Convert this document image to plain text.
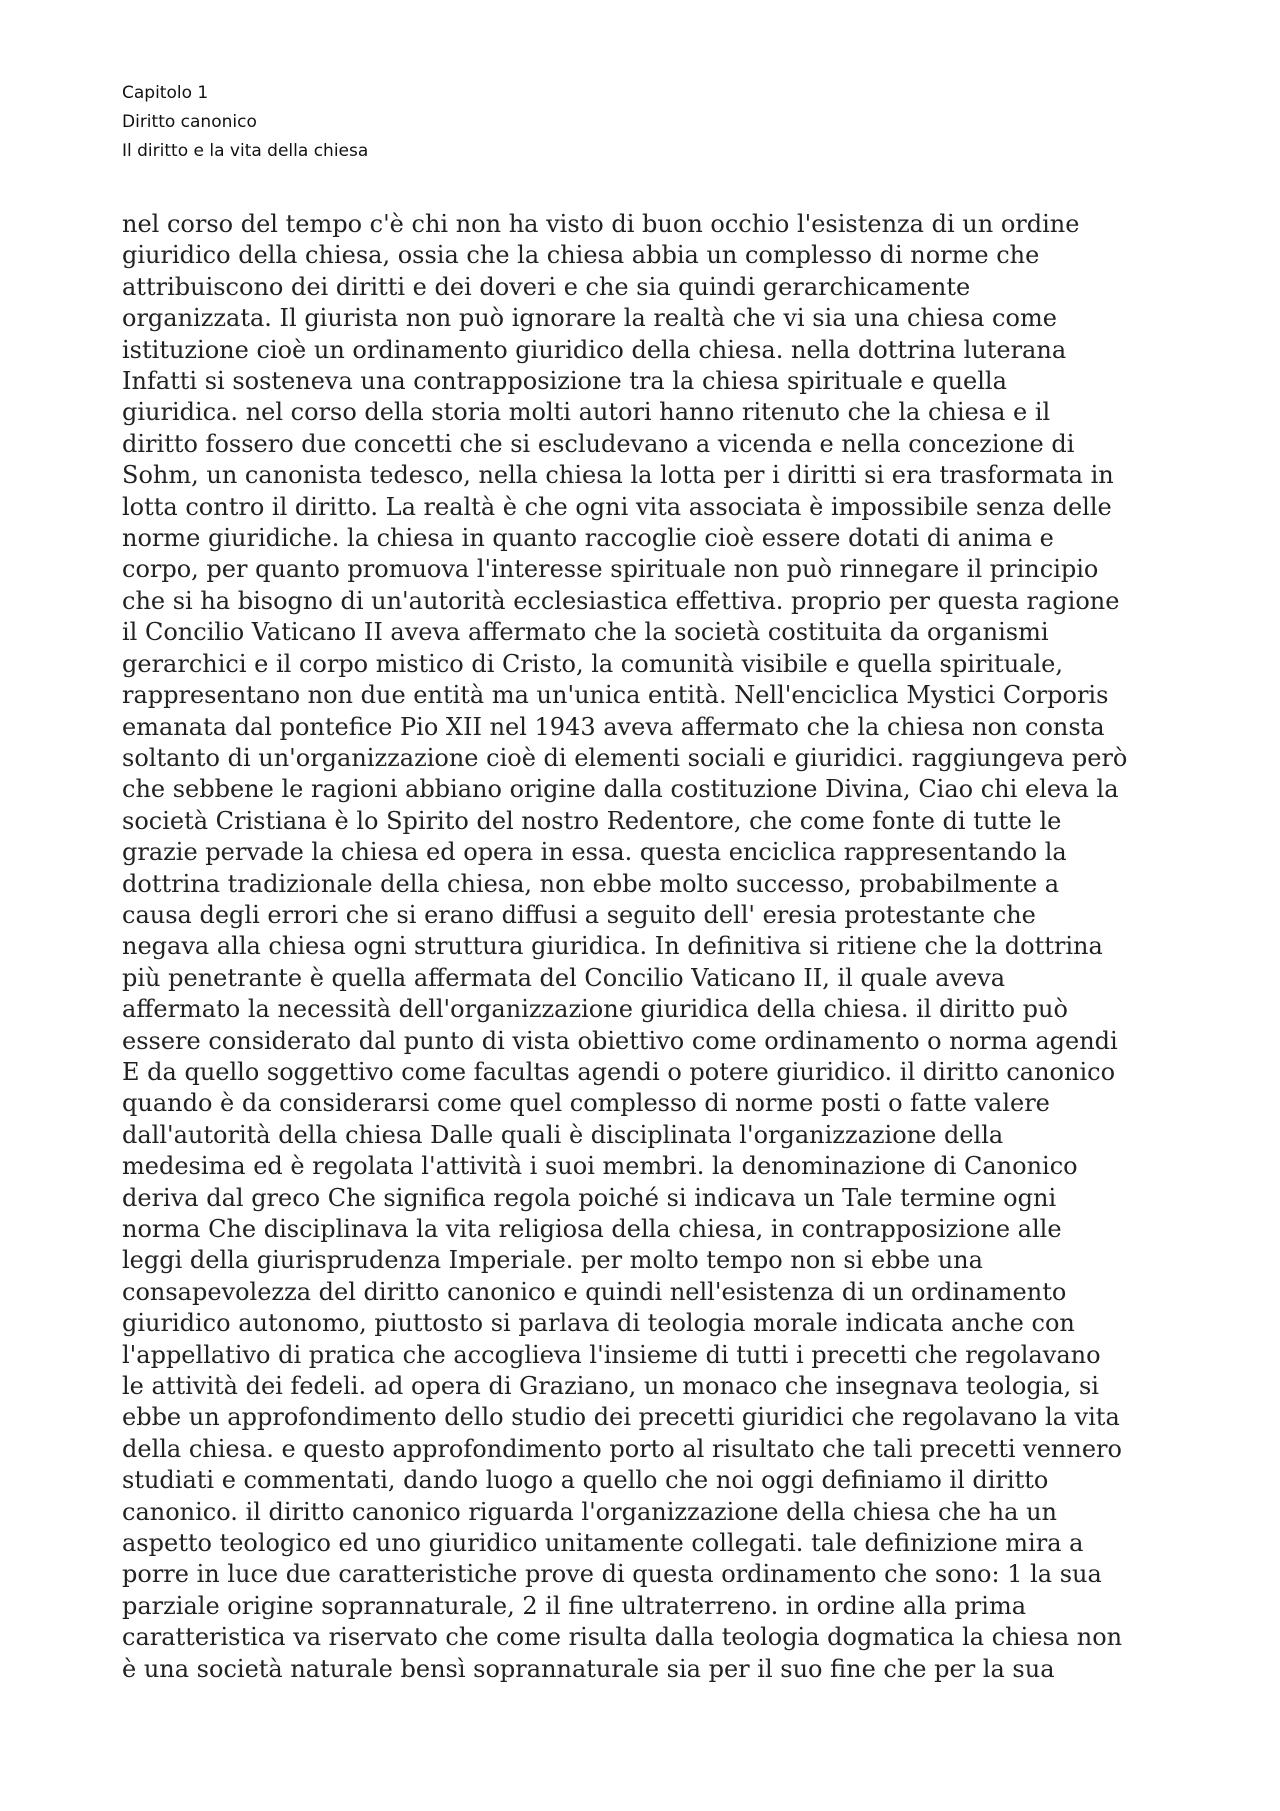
Capitolo 1
Diritto canonico
Il diritto e la vita della chiesa
nel corso del tempo c'è chi non ha visto di buon occhio l'esistenza di un ordine
giuridico della chiesa, ossia che la chiesa abbia un complesso di norme che
attribuiscono dei diritti e dei doveri e che sia quindi gerarchicamente
organizzata. Il giurista non può ignorare la realtà che vi sia una chiesa come
istituzione cioè un ordinamento giuridico della chiesa. nella dottrina luterana
Infatti si sosteneva una contrapposizione tra la chiesa spirituale e quella
giuridica. nel corso della storia molti autori hanno ritenuto che la chiesa e il
diritto fossero due concetti che si escludevano a vicenda e nella concezione di
Sohm, un canonista tedesco, nella chiesa la lotta per i diritti si era trasformata in
lotta contro il diritto. La realtà è che ogni vita associata è impossibile senza delle
norme giuridiche. la chiesa in quanto raccoglie cioè essere dotati di anima e
corpo, per quanto promuova l'interesse spirituale non può rinnegare il principio
che si ha bisogno di un'autorità ecclesiastica effettiva. proprio per questa ragione
il Concilio Vaticano II aveva affermato che la società costituita da organismi
gerarchici e il corpo mistico di Cristo, la comunità visibile e quella spirituale,
rappresentano non due entità ma un'unica entità. Nell'enciclica Mystici Corporis
emanata dal pontefice Pio XII nel 1943 aveva affermato che la chiesa non consta
soltanto di un'organizzazione cioè di elementi sociali e giuridici. raggiungeva però
che sebbene le ragioni abbiano origine dalla costituzione Divina, Ciao chi eleva la
società Cristiana è lo Spirito del nostro Redentore, che come fonte di tutte le
grazie pervade la chiesa ed opera in essa. questa enciclica rappresentando la
dottrina tradizionale della chiesa, non ebbe molto successo, probabilmente a
causa degli errori che si erano diffusi a seguito dell' eresia protestante che
negava alla chiesa ogni struttura giuridica. In definitiva si ritiene che la dottrina
più penetrante è quella affermata del Concilio Vaticano II, il quale aveva
affermato la necessità dell'organizzazione giuridica della chiesa. il diritto può
essere considerato dal punto di vista obiettivo come ordinamento o norma agendi
E da quello soggettivo come facultas agendi o potere giuridico. il diritto canonico
quando è da considerarsi come quel complesso di norme posti o fatte valere
dall'autorità della chiesa Dalle quali è disciplinata l'organizzazione della
medesima ed è regolata l'attività i suoi membri. la denominazione di Canonico
deriva dal greco Che significa regola poiché si indicava un Tale termine ogni
norma Che disciplinava la vita religiosa della chiesa, in contrapposizione alle
leggi della giurisprudenza Imperiale. per molto tempo non si ebbe una
consapevolezza del diritto canonico e quindi nell'esistenza di un ordinamento
giuridico autonomo, piuttosto si parlava di teologia morale indicata anche con
l'appellativo di pratica che accoglieva l'insieme di tutti i precetti che regolavano
le attività dei fedeli. ad opera di Graziano, un monaco che insegnava teologia, si
ebbe un approfondimento dello studio dei precetti giuridici che regolavano la vita
della chiesa. e questo approfondimento porto al risultato che tali precetti vennero
studiati e commentati, dando luogo a quello che noi oggi definiamo il diritto
canonico. il diritto canonico riguarda l'organizzazione della chiesa che ha un
aspetto teologico ed uno giuridico unitamente collegati. tale definizione mira a
porre in luce due caratteristiche prove di questa ordinamento che sono: 1 la sua
parziale origine soprannaturale, 2 il fine ultraterreno. in ordine alla prima
caratteristica va riservato che come risulta dalla teologia dogmatica la chiesa non
è una società naturale bensì soprannaturale sia per il suo fine che per la sua
